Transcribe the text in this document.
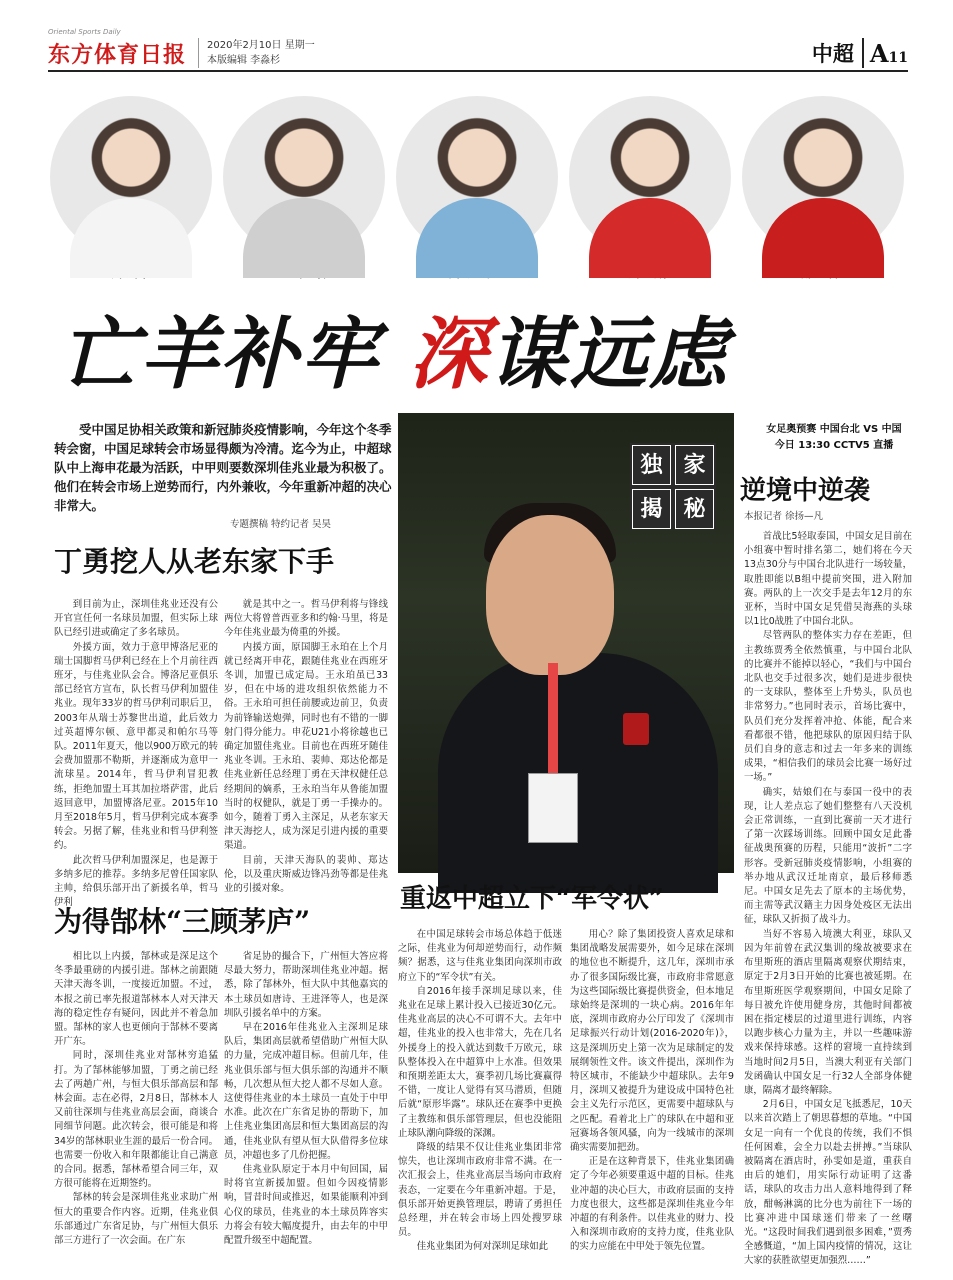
Oriental Sports Daily
东方体育日报 2020年2月10日 星期一
本版编辑 李淼杉	中超 A11
亡羊补牢 深谋远虑
受中国足协相关政策和新冠肺炎疫情影响，今年这个冬季转会窗，中国足球转会市场显得颇为冷清。迄今为止，中超球队中上海申花最为活跃，中甲则要数深圳佳兆业最为积极了。他们在转会市场上逆势而行，内外兼收，今年重新冲超的决心非常大。
专题撰稿 特约记者 吴昊
丁勇挖人从老东家下手

到目前为止，深圳佳兆业还没有公开官宣任何一名球员加盟，但实际上球队已经引进或确定了多名球员。

外援方面，效力于意甲博洛尼亚的瑞士国脚哲马伊利已经在上个月前往西班牙，与佳兆业队会合。博洛尼亚俱乐部已经官方宣布，队长哲马伊利加盟佳兆业。现年33岁的哲马伊利司职后卫，2003年从瑞士苏黎世出道，此后效力过英超博尔顿、意甲都灵和帕尔马等队。2011年夏天，他以900万欧元的转会费加盟那不勒斯，并逐渐成为意甲一流球星。2014年，哲马伊利冒犯教练，拒绝加盟土耳其加拉塔萨雷，此后返回意甲，加盟博洛尼亚。2015年10月至2018年5月，哲马伊利完成本赛季转会。另据了解，佳兆业和哲马伊利签约。

此次哲马伊利加盟深足，也是源于多纳多尼的推荐。多纳多尼曾任国家队主帅，给俱乐部开出了新援名单，哲马伊利

就是其中之一。哲马伊利将与锋线两位大将曾普西亚多和约翰·马里，将是今年佳兆业最为倚重的外援。

内援方面，原国脚王永珀在上个月就已经离开申花，跟随佳兆业在西班牙冬训，加盟已成定局。王永珀虽已33岁，但在中场的进攻组织依然能力不俗。王永珀可担任前腰或边前卫，负责为前锋输送炮弹，同时也有不错的一脚射门得分能力。申花U21小将徐越也已确定加盟佳兆业。目前也在西班牙随佳兆业冬训。王永珀、裴帅、郑达伦都是佳兆业新任总经理丁勇在天津权健任总经期间的嫡系，王永珀当年从鲁能加盟当时的权健队，就是丁勇一手操办的。如今，随着丁勇入主深足，从老东家天津天海挖人，成为深足引进内援的重要渠道。

目前，天津天海队的裴帅、郑达伦，以及重庆斯威边锋冯劲等都是佳兆业的引援对象。

为得郜林“三顾茅庐”

相比以上内援，郜林或是深足这个冬季最重磅的内援引进。郜林之前跟随天津天海冬训，一度接近加盟。不过，本报之前已率先报道郜林本人对天津天海的稳定性存有疑问，因此并不着急加盟。郜林的家人也更倾向于郜林不要离开广东。

同时，深圳佳兆业对郜林穷追猛打。为了郜林能够加盟，丁勇之前已经去了两趟广州，与恒大俱乐部高层和郜林会面。志在必得，2月8日，郜林本人又前往深圳与佳兆业高层会面，商谈合同细节问题。此次转会，很可能是和将34岁的郜林职业生涯的最后一份合同。也需要一份收入和年限都能让自己满意的合同。据悉，郜林希望合同三年，双方很可能将在近期签约。

郜林的转会是深圳佳兆业求助广州恒大的重要合作内容。近期，佳兆业俱乐部通过广东省足协，与广州恒大俱乐部三方进行了一次会面。在广东

省足协的撮合下，广州恒大答应将尽最大努力，帮助深圳佳兆业冲超。据悉，除了郜林外，恒大队中其他嘉宾的本土球员如唐诗、王进泽等人，也是深圳队引援名单中的方案。

早在2016年佳兆业入主深圳足球队后，集团高层就希望借助广州恒大队的力量，完成冲超目标。但前几年，佳兆业俱乐部与恒大俱乐部的沟通并不顺畅，几次想从恒大挖人都不尽如人意。这使得佳兆业的本土球员一直处于中甲水准。此次在广东省足协的帮助下，加上佳兆业集团高层和恒大集团高层的沟通，佳兆业队有望从恒大队借得多位球员，冲超也多了几份把握。

佳兆业队原定于本月中旬回国，届时将官宣新援加盟。但如今因疫情影响，冒昔时间或推迟，如果能顺利冲到心仪的球员，佳兆业的本土球员阵容实力将会有较大幅度提升，由去年的中甲配置升级至中超配置。

独 家
揭 秘
重返中超立下“军令状”

在中国足球转会市场总体趋于低迷之际，佳兆业为何却逆势而行，动作频频？据悉，这与佳兆业集团向深圳市政府立下的“军令状”有关。

自2016年接手深圳足球以来，佳兆业在足球上累计投入已接近30亿元。佳兆业高层的决心不可谓不大。去年中超，佳兆业的投入也非常大，先在几名外援身上的投入就达到数千万欧元，球队整体投入在中超算中上水准。但效果和预期差距太大，赛季初几场比赛赢得不错，一度让人觉得有冥马潜质，但随后就“原形毕露”。球队还在赛季中更换了主教练和俱乐部管理层，但也没能阻止球队潮向降级的深渊。

降级的结果不仅让佳兆业集团非常惊失，也让深圳市政府非常不满。在一次汇报会上，佳兆业高层当场向市政府表态，一定要在今年重新冲超。于是，俱乐部开始更换管理层，聘请了勇担任总经理，并在转会市场上四处搜罗球员。

佳兆业集团为何对深圳足球如此

用心？除了集团投资人喜欢足球和集团战略发展需要外，如今足球在深圳的地位也不断提升，这几年，深圳市承办了很多国际级比赛，市政府非常愿意为这些国际级比赛提供资金，但本地足球始终是深圳的一块心病。2016年年底，深圳市政府办公厅印发了《深圳市足球振兴行动计划(2016-2020年)》，这是深圳历史上第一次为足球制定的发展纲领性文件。该文件提出，深圳作为特区城市，不能缺少中超球队。去年9月，深圳又被提升为建设成中国特色社会主义先行示范区，更需要中超球队与之匹配。看着北上广的球队在中超和亚冠赛场各领风骚，向为一线城市的深圳确实需要加把劲。

正是在这种背景下，佳兆业集团确定了今年必须要重返中超的目标。佳兆业冲超的决心巨大，市政府层面的支持力度也很大，这些都是深圳佳兆业今年冲超的有利条件。以佳兆业的财力、投入和深圳市政府的支持力度，佳兆业队的实力应能在中甲处于领先位置。

女足奥预赛 中国台北 VS 中国
今日 13:30 CCTV5 直播
逆境中逆袭
本报记者 徐扬—凡

首战比5轻取泰国，中国女足目前在小组赛中暂时排名第二，她们将在今天13点30分与中国台北队进行一场较量，取胜即能以B组中提前突围，进入附加赛。两队的上一次交手是去年12月的东亚杯，当时中国女足凭借吴海燕的头球以1比0战胜了中国台北队。

尽管两队的整体实力存在差距，但主教练贾秀全依然慎重，与中国台北队的比赛并不能掉以轻心，“我们与中国台北队也交手过很多次，她们是进步很快的一支球队，整体至上升势头，队员也非常努力。”也同时表示，首场比赛中，队员们充分发挥着冲抢、体能，配合来看都很不错，他把球队的原因归结于队员们自身的意志和过去一年多来的训练成果，“相信我们的球员会比赛一场好过一场。”

确实，姑娘们在与泰国一役中的表现，让人差点忘了她们整整有八天没机会正常训练，一直到比赛前一天才进行了第一次踩场训练。回顾中国女足此番征战奥预赛的历程，只能用“波折”二字形容。受新冠肺炎疫情影响，小组赛的举办地从武汉迁址南京，最后移师悉尼。中国女足先去了原本的主场优势，而主需等武汉籍主力因身处疫区无法出征，球队又折损了战斗力。

当好不容易入境澳大利亚，球队又因为年前曾在武汉集训的缘故被要求在布里斯班的酒店里隔离观察伏期结束，原定于2月3日开始的比赛也被延期。在布里斯班医学观察期间，中国女足除了每日被允许使用健身房，其他时间都被困在指定楼层的过道里进行训练，内容以跑步核心力量为主，并以一些趣味游戏来保持球感。这样的窘境一直持续到当地时间2月5日，当澳大利亚有关部门发函确认中国女足一行32人全部身体健康，隔离才最终解除。

2月6日，中国女足飞抵悉尼，10天以来首次踏上了朝思暮想的草地。“中国女足一向有一个优良的传统，我们不惧任何困难，会全力以赴去拼搏。”当球队被隔离在酒店时，孙雯如是道，重获自由后的她们，用实际行动证明了这番话，球队的攻击力出人意料地得到了释放，酣畅淋漓的比分也为前往下一场的比赛冲进中国球迷们带来了一丝曙光。“这段时间我们遇到很多困难，”贾秀全感慨道，“加上国内疫情的情况，这让大家的获胜欲望更加强烈……”
